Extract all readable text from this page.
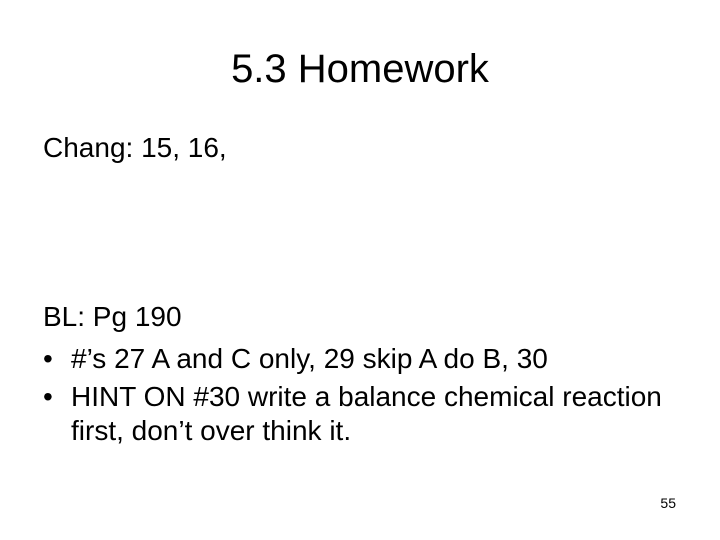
5.3 Homework
Chang: 15, 16,
BL: Pg 190
• #’s 27 A and C only, 29 skip A do B, 30
• HINT ON #30 write a balance chemical reaction first, don’t over think it.
55
